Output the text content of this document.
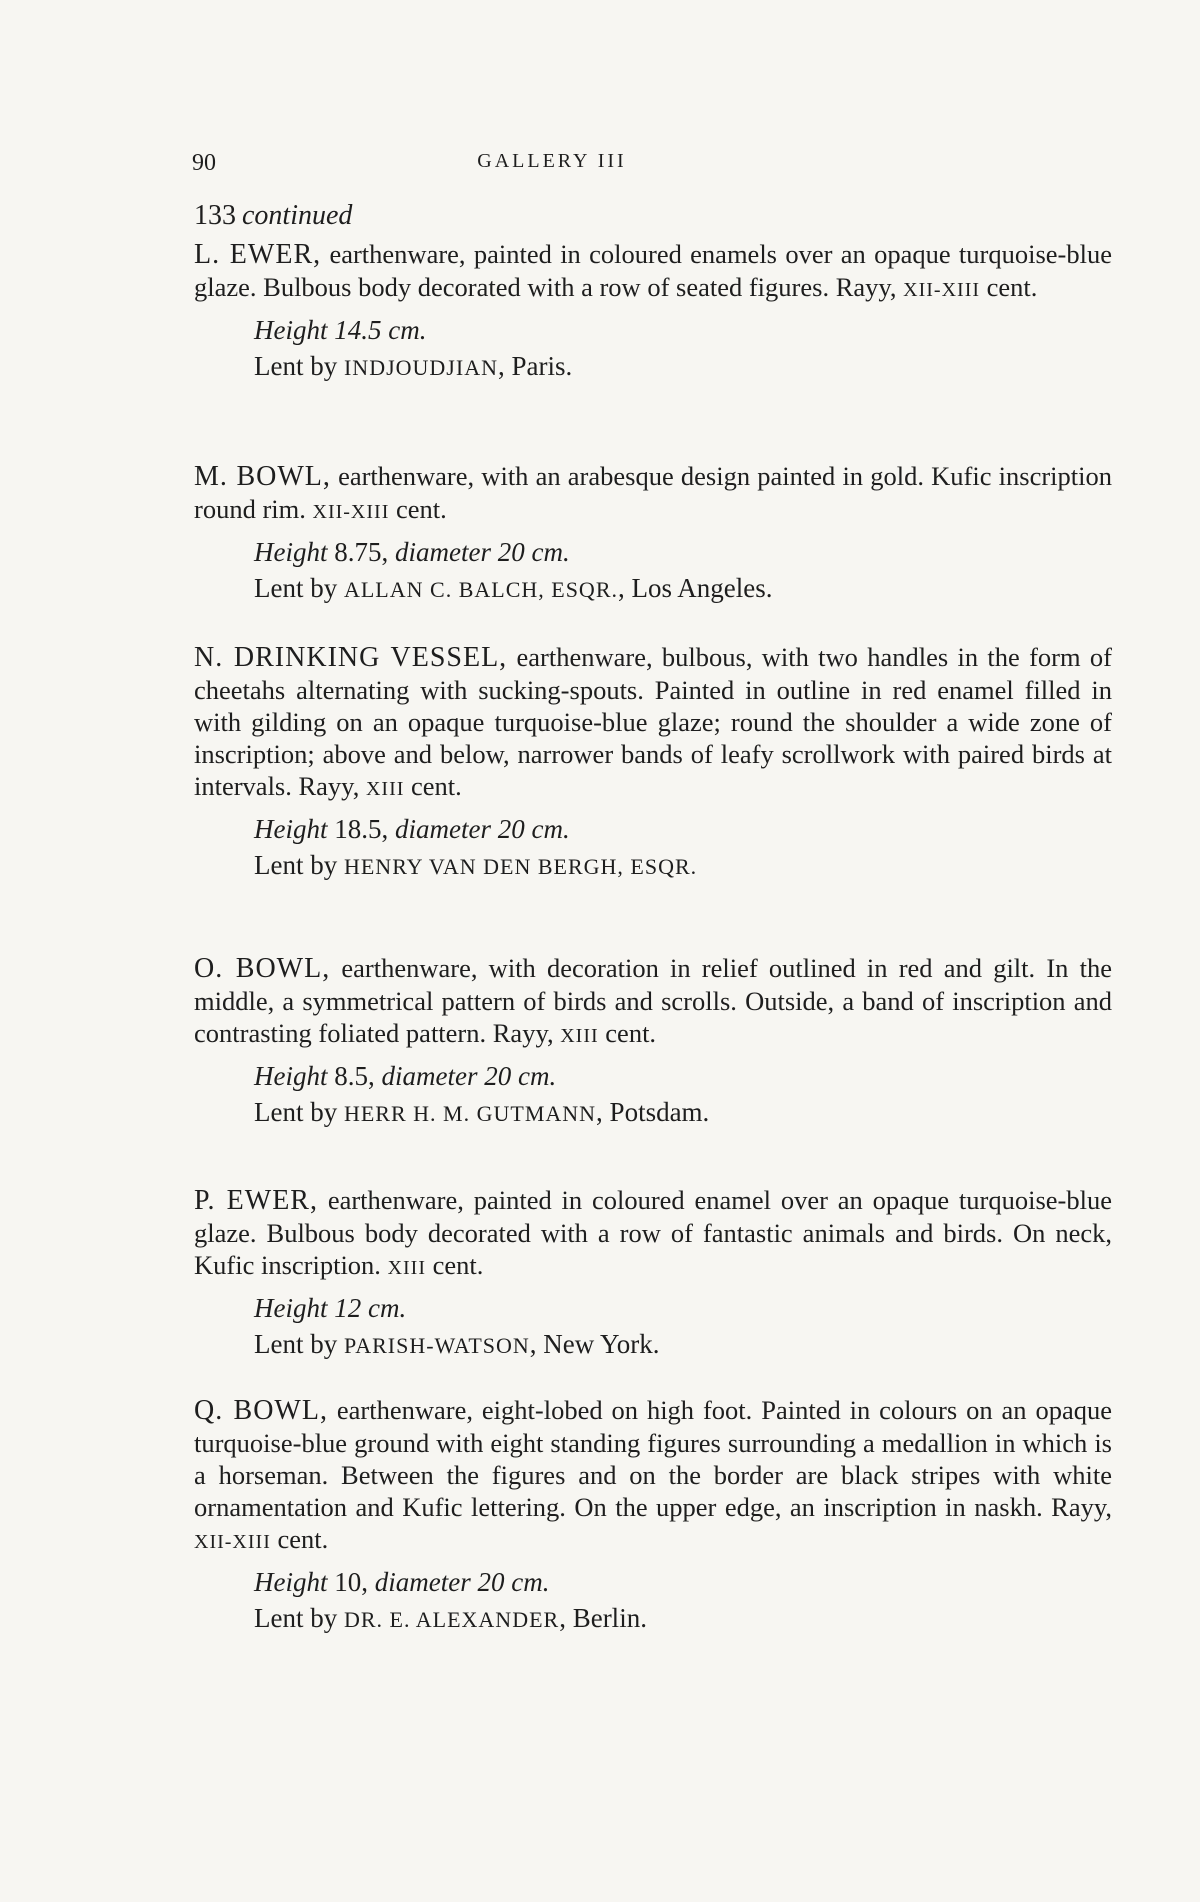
90	GALLERY III
133 continued
L. EWER, earthenware, painted in coloured enamels over an opaque turquoise-blue glaze. Bulbous body decorated with a row of seated figures. Rayy, XII-XIII cent.
Height 14.5 cm.
Lent by INDJOUDJIAN, Paris.
M. BOWL, earthenware, with an arabesque design painted in gold. Kufic inscription round rim. XII-XIII cent.
Height 8.75, diameter 20 cm.
Lent by ALLAN C. BALCH, ESQR., Los Angeles.
N. DRINKING VESSEL, earthenware, bulbous, with two handles in the form of cheetahs alternating with sucking-spouts. Painted in outline in red enamel filled in with gilding on an opaque turquoise-blue glaze; round the shoulder a wide zone of inscription; above and below, narrower bands of leafy scrollwork with paired birds at intervals. Rayy, XIII cent.
Height 18.5, diameter 20 cm.
Lent by HENRY VAN DEN BERGH, ESQR.
O. BOWL, earthenware, with decoration in relief outlined in red and gilt. In the middle, a symmetrical pattern of birds and scrolls. Outside, a band of inscription and contrasting foliated pattern. Rayy, XIII cent.
Height 8.5, diameter 20 cm.
Lent by HERR H. M. GUTMANN, Potsdam.
P. EWER, earthenware, painted in coloured enamel over an opaque turquoise-blue glaze. Bulbous body decorated with a row of fantastic animals and birds. On neck, Kufic inscription. XIII cent.
Height 12 cm.
Lent by PARISH-WATSON, New York.
Q. BOWL, earthenware, eight-lobed on high foot. Painted in colours on an opaque turquoise-blue ground with eight standing figures surrounding a medallion in which is a horseman. Between the figures and on the border are black stripes with white ornamentation and Kufic lettering. On the upper edge, an inscription in naskh. Rayy, XII-XIII cent.
Height 10, diameter 20 cm.
Lent by DR. E. ALEXANDER, Berlin.
